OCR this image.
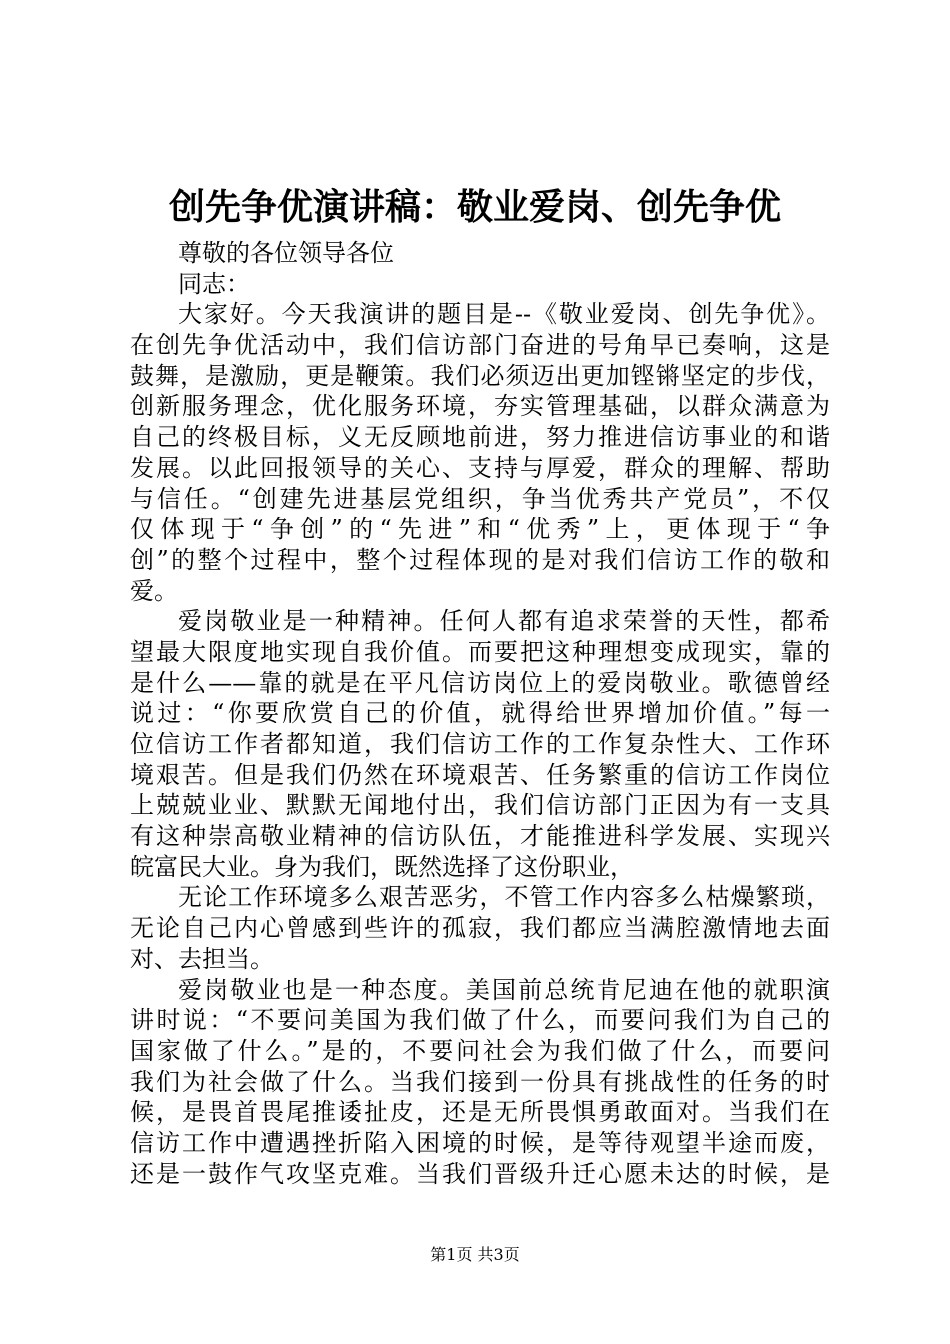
创先争优演讲稿：敬业爱岗、创先争优
尊敬的各位领导各位
同志：
大家好。今天我演讲的题目是--《敬业爱岗、创先争优》。
在创先争优活动中，我们信访部门奋进的号角早已奏响，这是
鼓舞，是激励，更是鞭策。我们必须迈出更加铿锵坚定的步伐，
创新服务理念，优化服务环境，夯实管理基础，以群众满意为
自己的终极目标，义无反顾地前进，努力推进信访事业的和谐
发展。以此回报领导的关心、支持与厚爱，群众的理解、帮助
与信任。“创建先进基层党组织，争当优秀共产党员”，不仅
仅体现于“争创”的“先进”和“优秀”上，更体现于“争
创”的整个过程中，整个过程体现的是对我们信访工作的敬和
爱。
爱岗敬业是一种精神。任何人都有追求荣誉的天性，都希
望最大限度地实现自我价值。而要把这种理想变成现实，靠的
是什么——靠的就是在平凡信访岗位上的爱岗敬业。歌德曾经
说过：“你要欣赏自己的价值，就得给世界增加价值。”每一
位信访工作者都知道，我们信访工作的工作复杂性大、工作环
境艰苦。但是我们仍然在环境艰苦、任务繁重的信访工作岗位
上兢兢业业、默默无闻地付出，我们信访部门正因为有一支具
有这种崇高敬业精神的信访队伍，才能推进科学发展、实现兴
皖富民大业。身为我们，既然选择了这份职业，
无论工作环境多么艰苦恶劣，不管工作内容多么枯燥繁琐，
无论自己内心曾感到些许的孤寂，我们都应当满腔激情地去面
对、去担当。
爱岗敬业也是一种态度。美国前总统肯尼迪在他的就职演
讲时说：“不要问美国为我们做了什么，而要问我们为自己的
国家做了什么。”是的，不要问社会为我们做了什么，而要问
我们为社会做了什么。当我们接到一份具有挑战性的任务的时
候，是畏首畏尾推诿扯皮，还是无所畏惧勇敢面对。当我们在
信访工作中遭遇挫折陷入困境的时候，是等待观望半途而废，
还是一鼓作气攻坚克难。当我们晋级升迁心愿未达的时候，是
第1页 共3页
